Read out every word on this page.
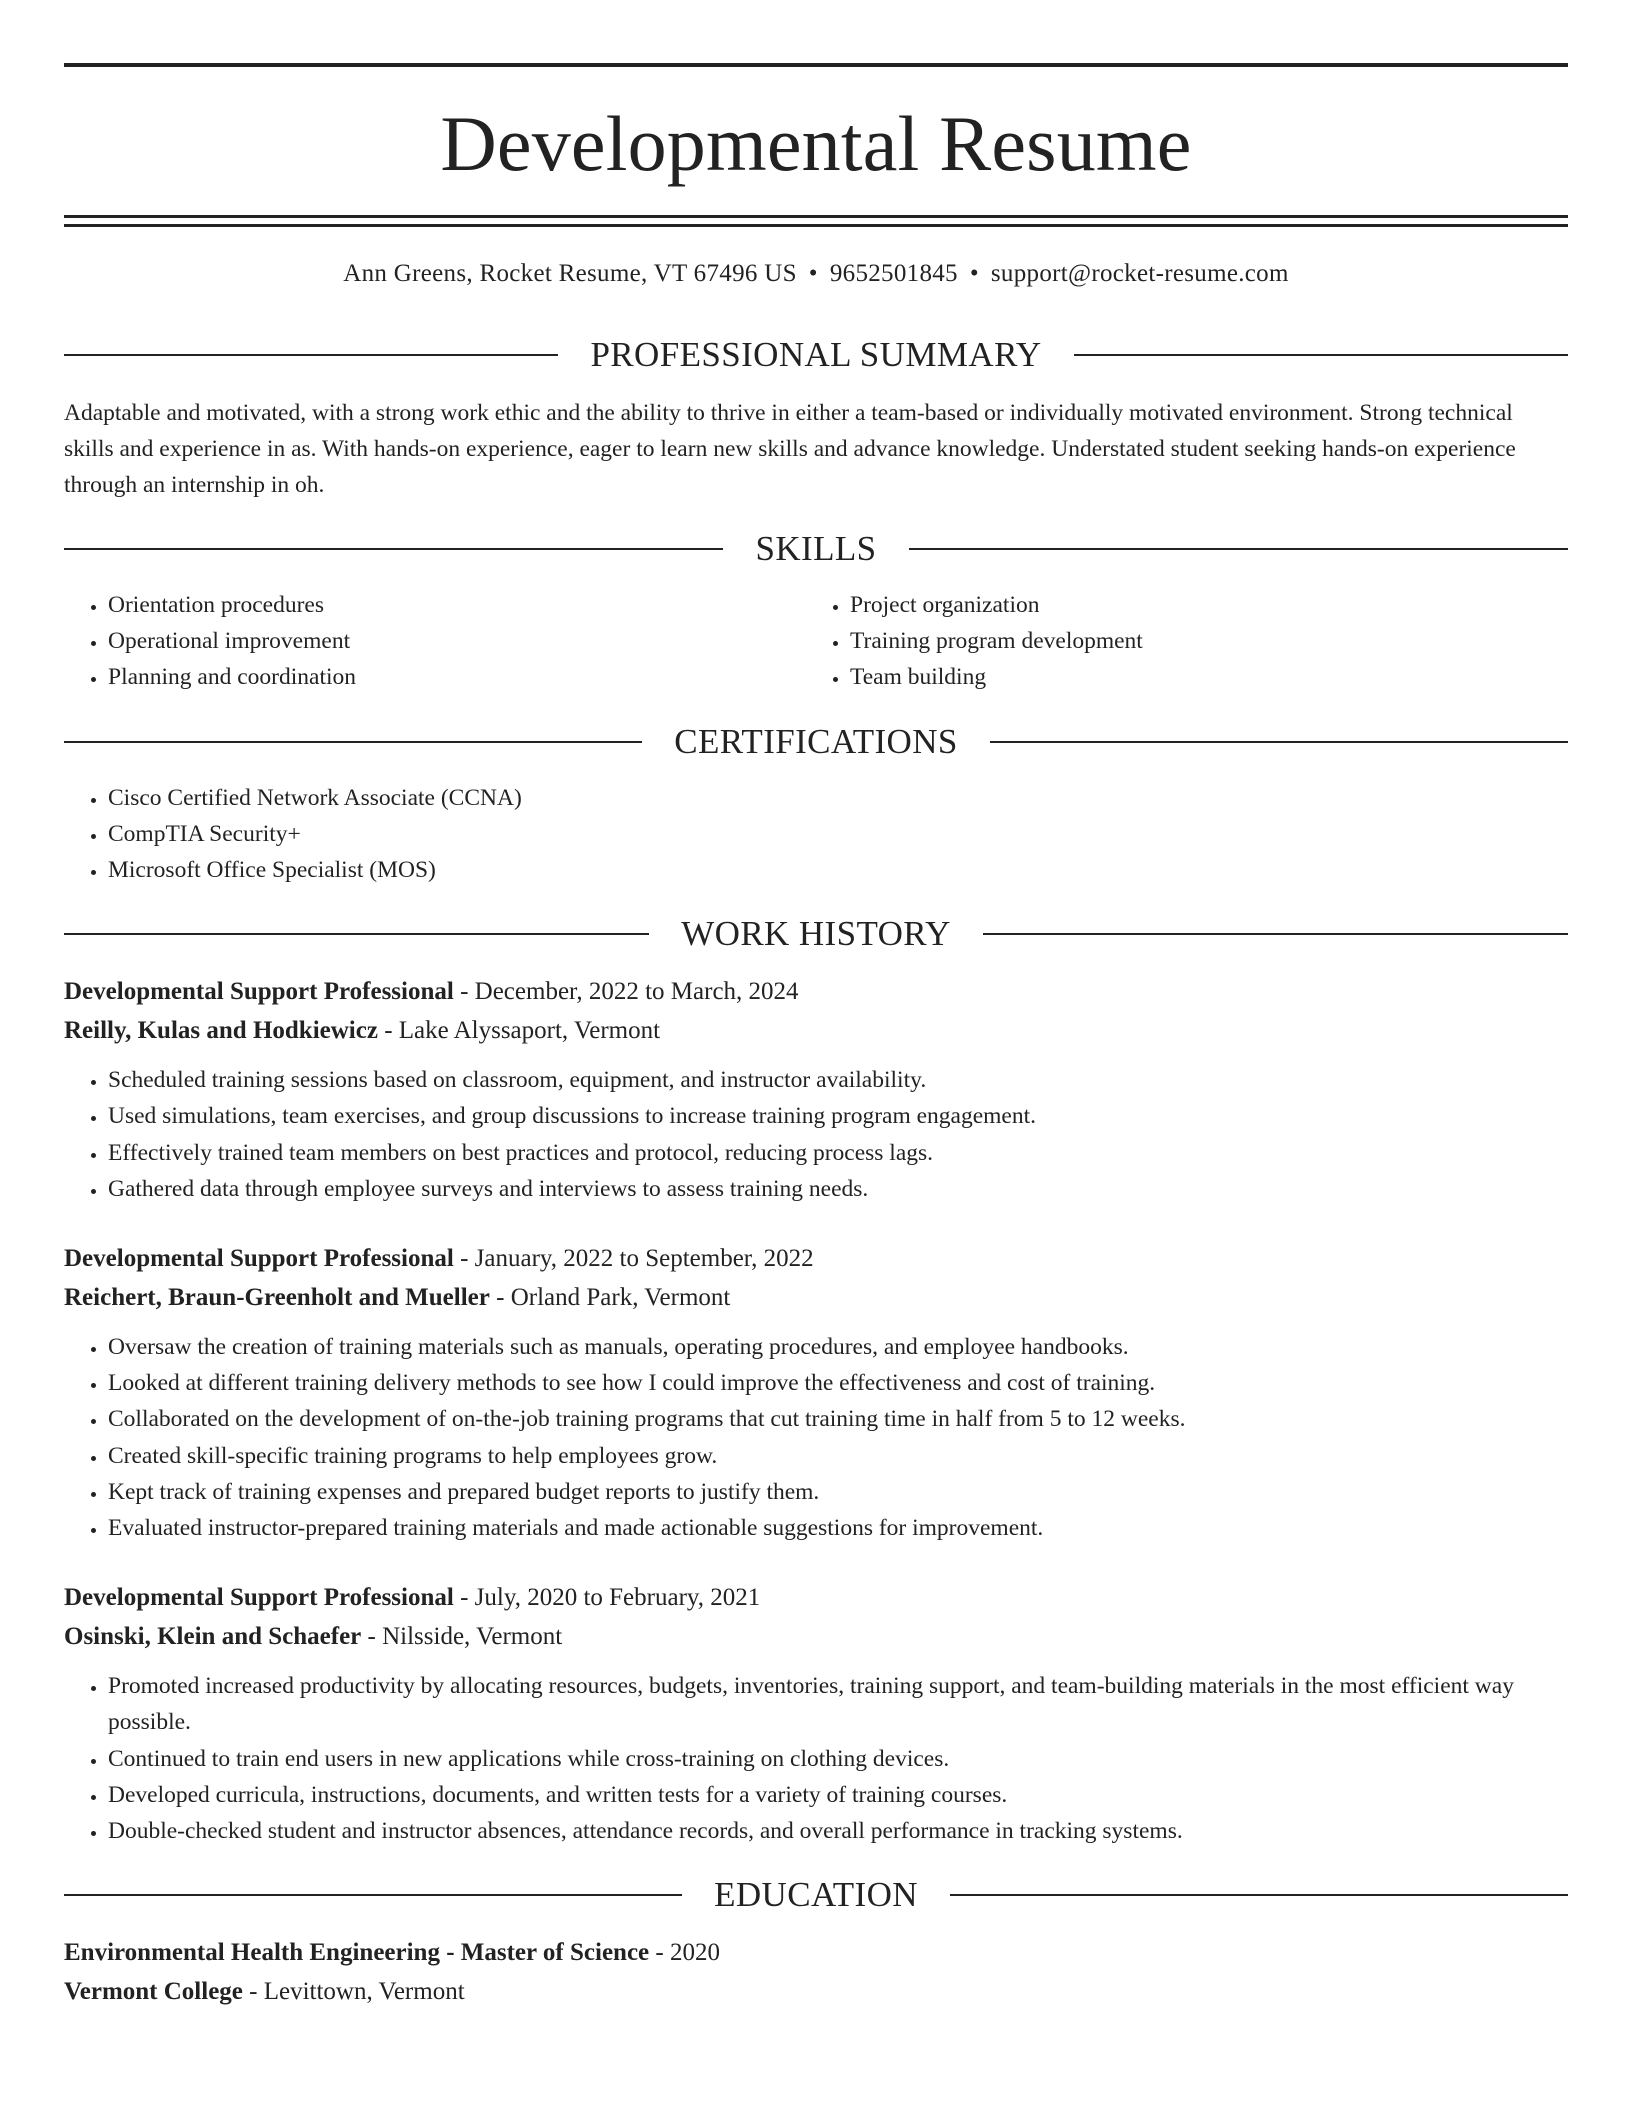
Developmental Resume
Ann Greens, Rocket Resume, VT 67496 US • 9652501845 • support@rocket-resume.com
PROFESSIONAL SUMMARY
Adaptable and motivated, with a strong work ethic and the ability to thrive in either a team-based or individually motivated environment. Strong technical skills and experience in as. With hands-on experience, eager to learn new skills and advance knowledge. Understated student seeking hands-on experience through an internship in oh.
SKILLS
• Orientation procedures
• Operational improvement
• Planning and coordination
• Project organization
• Training program development
• Team building
CERTIFICATIONS
• Cisco Certified Network Associate (CCNA)
• CompTIA Security+
• Microsoft Office Specialist (MOS)
WORK HISTORY
Developmental Support Professional - December, 2022 to March, 2024
Reilly, Kulas and Hodkiewicz - Lake Alyssaport, Vermont
• Scheduled training sessions based on classroom, equipment, and instructor availability.
• Used simulations, team exercises, and group discussions to increase training program engagement.
• Effectively trained team members on best practices and protocol, reducing process lags.
• Gathered data through employee surveys and interviews to assess training needs.
Developmental Support Professional - January, 2022 to September, 2022
Reichert, Braun-Greenholt and Mueller - Orland Park, Vermont
• Oversaw the creation of training materials such as manuals, operating procedures, and employee handbooks.
• Looked at different training delivery methods to see how I could improve the effectiveness and cost of training.
• Collaborated on the development of on-the-job training programs that cut training time in half from 5 to 12 weeks.
• Created skill-specific training programs to help employees grow.
• Kept track of training expenses and prepared budget reports to justify them.
• Evaluated instructor-prepared training materials and made actionable suggestions for improvement.
Developmental Support Professional - July, 2020 to February, 2021
Osinski, Klein and Schaefer - Nilsside, Vermont
• Promoted increased productivity by allocating resources, budgets, inventories, training support, and team-building materials in the most efficient way possible.
• Continued to train end users in new applications while cross-training on clothing devices.
• Developed curricula, instructions, documents, and written tests for a variety of training courses.
• Double-checked student and instructor absences, attendance records, and overall performance in tracking systems.
EDUCATION
Environmental Health Engineering - Master of Science - 2020
Vermont College - Levittown, Vermont
